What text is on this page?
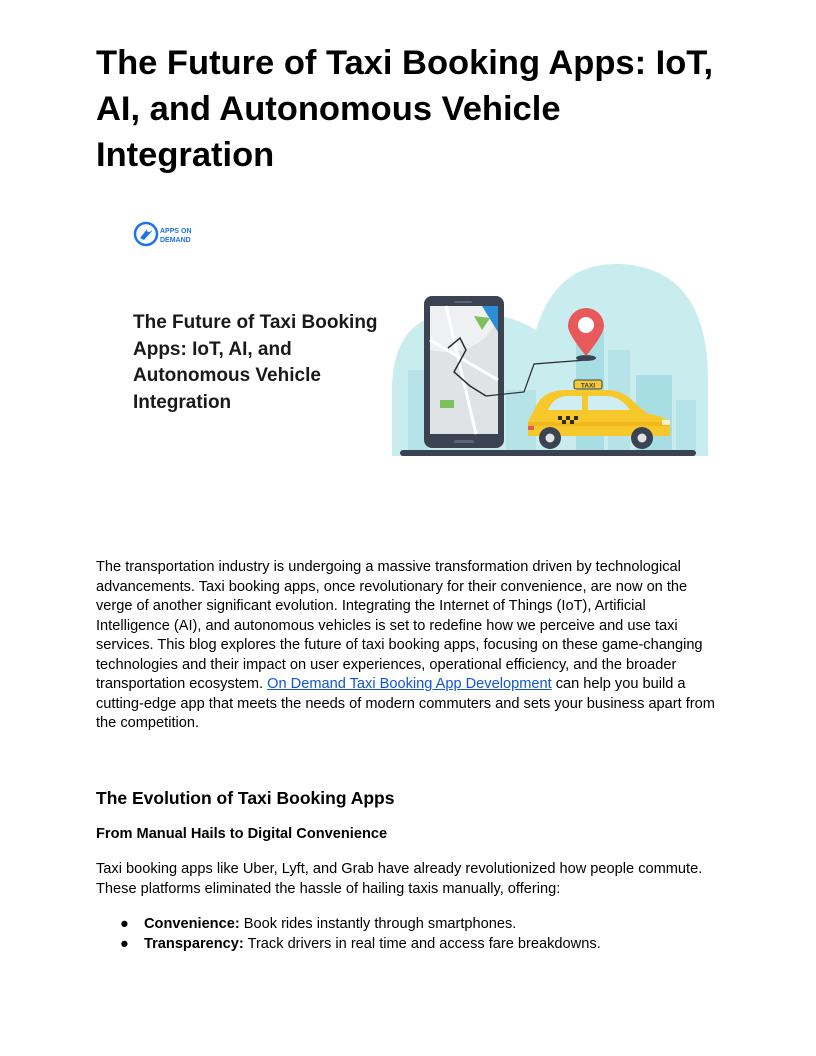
The Future of Taxi Booking Apps: IoT, AI, and Autonomous Vehicle Integration
APPS ON
DEMAND
The Future of Taxi Booking
Apps: IoT, AI, and
Autonomous Vehicle
Integration
TAXI

The transportation industry is undergoing a massive transformation driven by technological advancements. Taxi booking apps, once revolutionary for their convenience, are now on the verge of another significant evolution. Integrating the Internet of Things (IoT), Artificial Intelligence (AI), and autonomous vehicles is set to redefine how we perceive and use taxi services. This blog explores the future of taxi booking apps, focusing on these game-changing technologies and their impact on user experiences, operational efficiency, and the broader transportation ecosystem. On Demand Taxi Booking App Development can help you build a cutting-edge app that meets the needs of modern commuters and sets your business apart from the competition.

The Evolution of Taxi Booking Apps
From Manual Hails to Digital Convenience

Taxi booking apps like Uber, Lyft, and Grab have already revolutionized how people commute. These platforms eliminated the hassle of hailing taxis manually, offering:

● Convenience: Book rides instantly through smartphones.
● Transparency: Track drivers in real time and access fare breakdowns.
